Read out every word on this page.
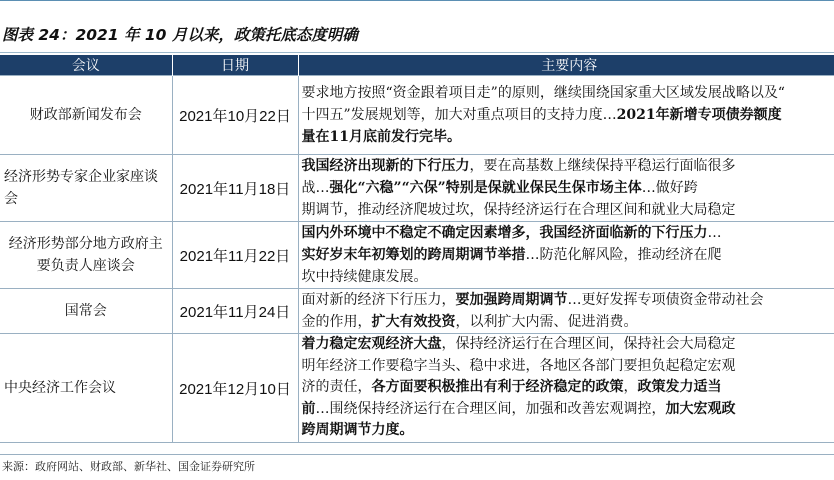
图表 24：2021 年 10 月以来，政策托底态度明确
会议	日期	主要内容
财政部新闻发布会	2021年10月22日	要求地方按照“资金跟着项目走”的原则，继续围绕国家重大区域发展战略以及“
十四五”发展规划等，加大对重点项目的支持力度…2021年新增专项债券额度
量在11月底前发行完毕。

经济形势专家企业家座谈会	2021年11月18日	我国经济出现新的下行压力，要在高基数上继续保持平稳运行面临很多
战…强化“六稳”“六保”特别是保就业保民生保市场主体…做好跨
期调节，推动经济爬坡过坎，保持经济运行在合理区间和就业大局稳定

经济形势部分地方政府主要负责人座谈会	2021年11月22日	国内外环境中不稳定不确定因素增多，我国经济面临新的下行压力…
实好岁末年初筹划的跨周期调节举措…防范化解风险，推动经济在爬
坎中持续健康发展。

国常会	2021年11月24日	面对新的经济下行压力，要加强跨周期调节…更好发挥专项债资金带动社会
金的作用，扩大有效投资，以利扩大内需、促进消费。

中央经济工作会议	2021年12月10日	着力稳定宏观经济大盘，保持经济运行在合理区间，保持社会大局稳定
明年经济工作要稳字当头、稳中求进，各地区各部门要担负起稳定宏观
济的责任，各方面要积极推出有利于经济稳定的政策，政策发力适当
前…围绕保持经济运行在合理区间，加强和改善宏观调控，加大宏观政
跨周期调节力度。
来源：政府网站、财政部、新华社、国金证券研究所
